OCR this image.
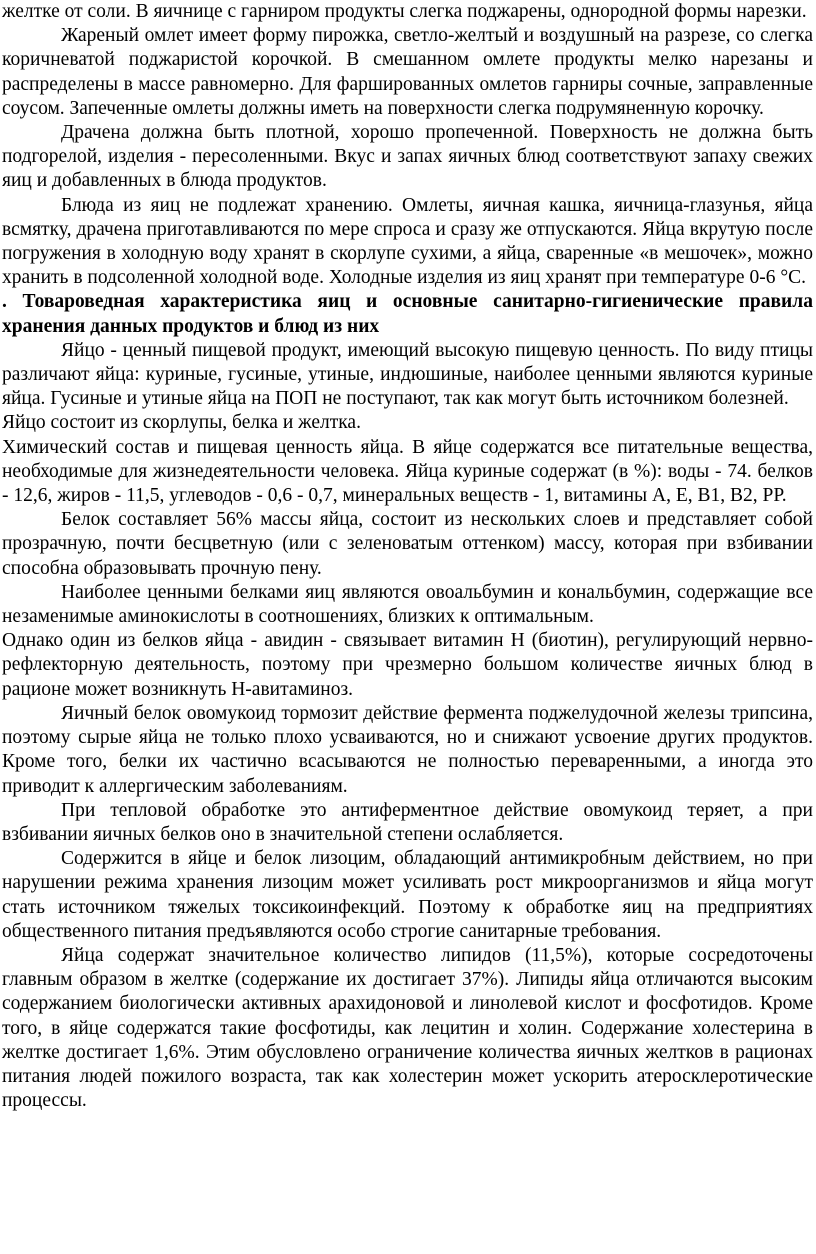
желтке от соли. В яичнице с гарниром продукты слегка поджарены, однородной формы нарезки.

Жареный омлет имеет форму пирожка, светло-желтый и воздушный на разрезе, со слегка коричневатой поджаристой корочкой. В смешанном омлете продукты мелко нарезаны и распределены в массе равномерно. Для фаршированных омлетов гарниры сочные, заправленные соусом. Запеченные омлеты должны иметь на поверхности слегка подрумяненную корочку.

Драчена должна быть плотной, хорошо пропеченной. Поверхность не должна быть подгорелой, изделия - пересоленными. Вкус и запах яичных блюд соответствуют запаху свежих яиц и добавленных в блюда продуктов.

Блюда из яиц не подлежат хранению. Омлеты, яичная кашка, яичница-глазунья, яйца всмятку, драчена приготавливаются по мере спроса и сразу же отпускаются. Яйца вкрутую после погружения в холодную воду хранят в скорлупе сухими, а яйца, сваренные «в мешочек», можно хранить в подсоленной холодной воде. Холодные изделия из яиц хранят при температуре 0-6 °С.

. Товароведная характеристика яиц и основные санитарно-гигиенические правила хранения данных продуктов и блюд из них

Яйцо - ценный пищевой продукт, имеющий высокую пищевую ценность. По виду птицы различают яйца: куриные, гусиные, утиные, индюшиные, наиболее ценными являются куриные яйца. Гусиные и утиные яйца на ПОП не поступают, так как могут быть источником болезней.

Яйцо состоит из скорлупы, белка и желтка.

Химический состав и пищевая ценность яйца. В яйце содержатся все питательные вещества, необходимые для жизнедеятельности человека. Яйца куриные содержат (в %): воды - 74. белков - 12,6, жиров - 11,5, углеводов - 0,6 - 0,7, минеральных веществ - 1, витамины А, Е, В1, В2, РР.

Белок составляет 56% массы яйца, состоит из нескольких слоев и представляет собой прозрачную, почти бесцветную (или с зеленоватым оттенком) массу, которая при взбивании способна образовывать прочную пену.

Наиболее ценными белками яиц являются овоальбумин и кональбумин, содержащие все незаменимые аминокислоты в соотношениях, близких к оптимальным.

Однако один из белков яйца - авидин - связывает витамин Н (биотин), регулирующий нервно-рефлекторную деятельность, поэтому при чрезмерно большом количестве яичных блюд в рационе может возникнуть Н-авитаминоз.

Яичный белок овомукоид тормозит действие фермента поджелудочной железы трипсина, поэтому сырые яйца не только плохо усваиваются, но и снижают усвоение других продуктов. Кроме того, белки их частично всасываются не полностью переваренными, а иногда это приводит к аллергическим заболеваниям.

При тепловой обработке это антиферментное действие овомукоид теряет, а при взбивании яичных белков оно в значительной степени ослабляется.

Содержится в яйце и белок лизоцим, обладающий антимикробным действием, но при нарушении режима хранения лизоцим может усиливать рост микроорганизмов и яйца могут стать источником тяжелых токсикоинфекций. Поэтому к обработке яиц на предприятиях общественного питания предъявляются особо строгие санитарные требования.

Яйца содержат значительное количество липидов (11,5%), которые сосредоточены главным образом в желтке (содержание их достигает 37%). Липиды яйца отличаются высоким содержанием биологически активных арахидоновой и линолевой кислот и фосфотидов. Кроме того, в яйце содержатся такие фосфотиды, как лецитин и холин. Содержание холестерина в желтке достигает 1,6%. Этим обусловлено ограничение количества яичных желтков в рационах питания людей пожилого возраста, так как холестерин может ускорить атеросклеротические процессы.
